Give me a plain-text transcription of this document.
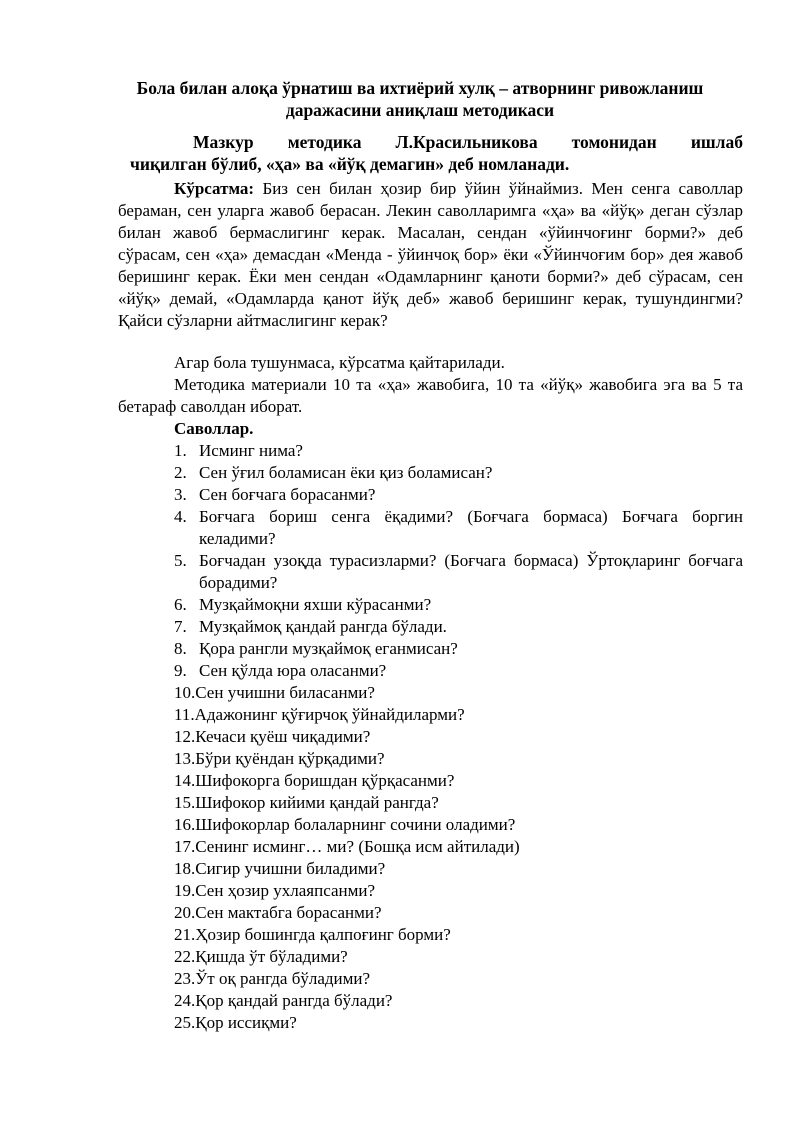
Бола билан алоқа ўрнатиш ва ихтиёрий хулқ – атворнинг ривожланиш даражасини аниқлаш методикаси
Мазкур методика Л.Красильникова томонидан ишлаб
чиқилган бўлиб, «ҳа» ва «йўқ демагин» деб номланади.
Кўрсатма: Биз сен билан ҳозир бир ўйин ўйнаймиз. Мен сенга саволлар бераман, сен уларга жавоб берасан. Лекин саволларимга «ҳа» ва «йўқ» деган сўзлар билан жавоб бермаслигинг керак. Масалан, сендан «ўйинчоғинг борми?» деб сўрасам, сен «ҳа» демасдан «Менда - ўйинчоқ бор» ёки «Ўйинчоғим бор» дея жавоб беришинг керак. Ёки мен сендан «Одамларнинг қаноти борми?» деб сўрасам, сен «йўқ» демай, «Одамларда қанот йўқ деб» жавоб беришинг керак, тушундингми? Қайси сўзларни айтмаслигинг керак?
Агар бола тушунмаса, кўрсатма қайтарилади.
Методика материали 10 та «ҳа» жавобига, 10 та «йўқ» жавобига эга ва 5 та бетараф саволдан иборат.
Саволлар.
1. Исминг нима?
2. Сен ўғил боламисан ёки қиз боламисан?
3. Сен боғчага борасанми?
4. Боғчага бориш сенга ёқадими? (Боғчага бормаса) Боғчага боргин келадими?
5. Боғчадан узоқда турасизларми? (Боғчага бормаса) Ўртоқларинг боғчага борадими?
6. Музқаймоқни яхши кўрасанми?
7. Музқаймоқ қандай рангда бўлади.
8. Қора рангли музқаймоқ еганмисан?
9. Сен қўлда юра оласанми?
10. Сен учишни биласанми?
11. Адажонинг қўғирчоқ ўйнайдиларми?
12. Кечаси қуёш чиқадими?
13. Бўри қуёндан қўрқадими?
14. Шифокорга боришдан қўрқасанми?
15. Шифокор кийими қандай рангда?
16. Шифокорлар болаларнинг сочини оладими?
17. Сенинг исминг… ми? (Бошқа исм айтилади)
18. Сигир учишни биладими?
19. Сен ҳозир ухлаяпсанми?
20. Сен мактабга борасанми?
21. Ҳозир бошингда қалпоғинг борми?
22. Қишда ўт бўладими?
23. Ўт оқ рангда бўладими?
24. Қор қандай рангда бўлади?
25. Қор иссиқми?
